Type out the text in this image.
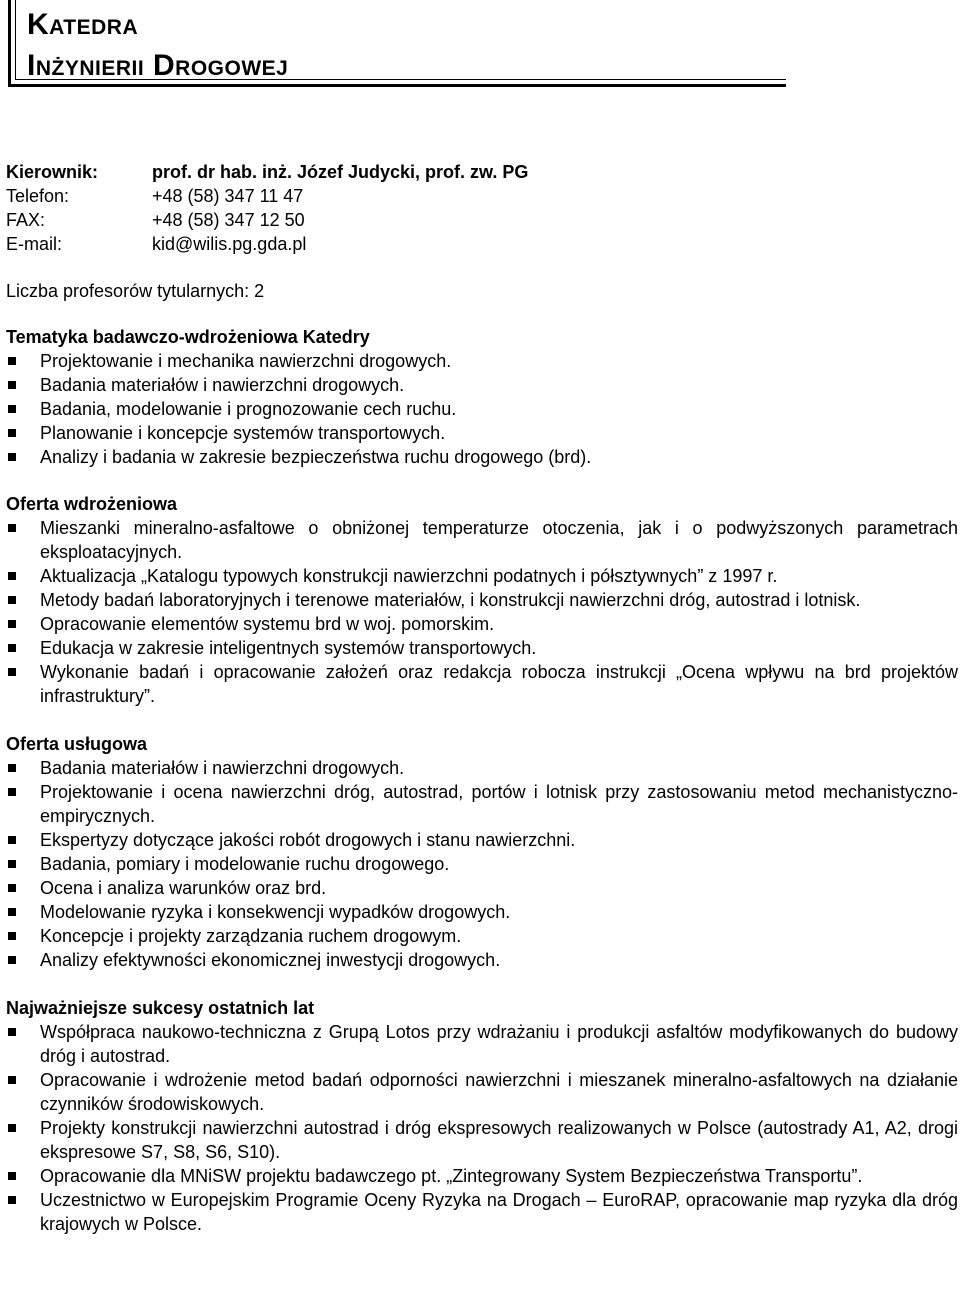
Katedra
Inżynierii Drogowej
Kierownik:	prof. dr hab. inż. Józef Judycki, prof. zw. PG
Telefon:	+48 (58) 347 11 47
FAX:	+48 (58) 347 12 50
E-mail:	kid@wilis.pg.gda.pl

Liczba profesorów tytularnych: 2

Tematyka badawczo-wdrożeniowa Katedry
Projektowanie i mechanika nawierzchni drogowych.
Badania materiałów i nawierzchni drogowych.
Badania, modelowanie i prognozowanie cech ruchu.
Planowanie i koncepcje systemów transportowych.
Analizy i badania w zakresie bezpieczeństwa ruchu drogowego (brd).
Oferta wdrożeniowa
Mieszanki mineralno-asfaltowe o obniżonej temperaturze otoczenia, jak i o podwyższonych parametrach eksploatacyjnych.
Aktualizacja „Katalogu typowych konstrukcji nawierzchni podatnych i półsztywnych” z 1997 r.
Metody badań laboratoryjnych i terenowe materiałów, i konstrukcji nawierzchni dróg, autostrad i lotnisk.
Opracowanie elementów systemu brd w woj. pomorskim.
Edukacja w zakresie inteligentnych systemów transportowych.
Wykonanie badań i opracowanie założeń oraz redakcja robocza instrukcji „Ocena wpływu na brd projektów infrastruktury”.
Oferta usługowa
Badania materiałów i nawierzchni drogowych.
Projektowanie i ocena nawierzchni dróg, autostrad, portów i lotnisk przy zastosowaniu metod mechanistyczno-empirycznych.
Ekspertyzy dotyczące jakości robót drogowych i stanu nawierzchni.
Badania, pomiary i modelowanie ruchu drogowego.
Ocena i analiza warunków oraz brd.
Modelowanie ryzyka i konsekwencji wypadków drogowych.
Koncepcje i projekty zarządzania ruchem drogowym.
Analizy efektywności ekonomicznej inwestycji drogowych.
Najważniejsze sukcesy ostatnich lat
Współpraca naukowo-techniczna z Grupą Lotos przy wdrażaniu i produkcji asfaltów modyfikowanych do budowy dróg i autostrad.
Opracowanie i wdrożenie metod badań odporności nawierzchni i mieszanek mineralno-asfaltowych na działanie czynników środowiskowych.
Projekty konstrukcji nawierzchni autostrad i dróg ekspresowych realizowanych w Polsce (autostrady A1, A2, drogi ekspresowe S7, S8, S6, S10).
Opracowanie dla MNiSW projektu badawczego pt. „Zintegrowany System Bezpieczeństwa Transportu”.
Uczestnictwo w Europejskim Programie Oceny Ryzyka na Drogach – EuroRAP, opracowanie map ryzyka dla dróg krajowych w Polsce.
